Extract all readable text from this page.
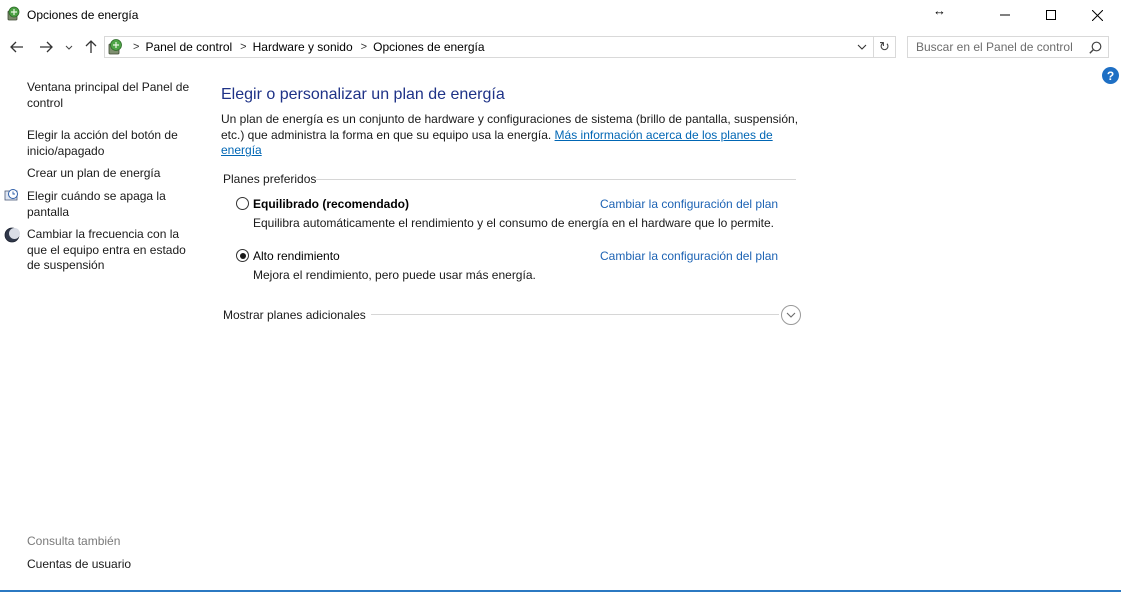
Opciones de energía	↔
> Panel de control > Hardware y sonido > Opciones de energía	↻
Buscar en el Panel de control
?
Ventana principal del Panel de control
Elegir la acción del botón de inicio/apagado
Crear un plan de energía
Elegir cuándo se apaga la pantalla
Cambiar la frecuencia con la que el equipo entra en estado de suspensión
Consulta también
Cuentas de usuario
Elegir o personalizar un plan de energía

Un plan de energía es un conjunto de hardware y configuraciones de sistema (brillo de pantalla, suspensión, etc.) que administra la forma en que su equipo usa la energía. Más información acerca de los planes de energía

Planes preferidos
Equilibrado (recomendado)	Cambiar la configuración del plan
Equilibra automáticamente el rendimiento y el consumo de energía en el hardware que lo permite.
Alto rendimiento	Cambiar la configuración del plan
Mejora el rendimiento, pero puede usar más energía.
Mostrar planes adicionales
